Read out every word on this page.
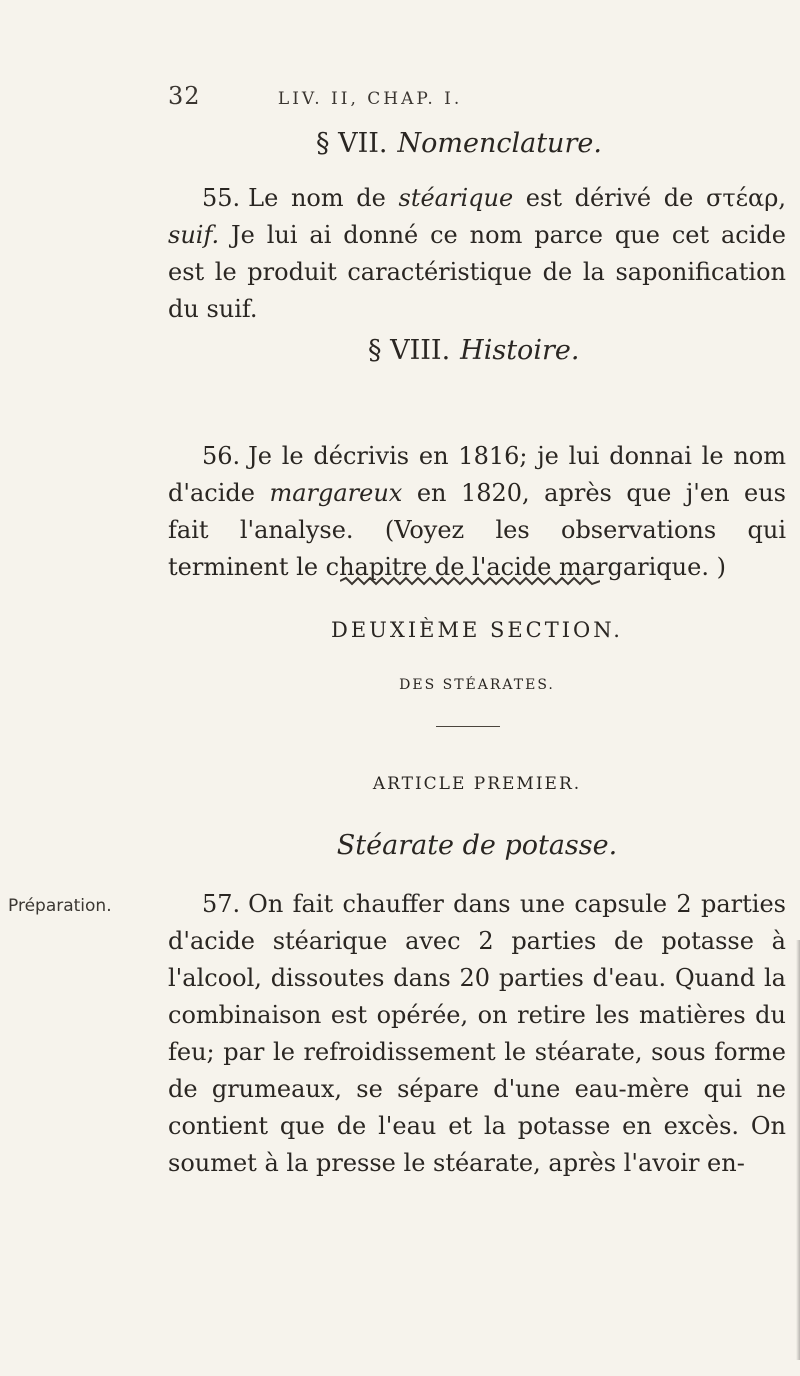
32	LIV. II, CHAP. I.
§ VII. Nomenclature.
55. Le nom de stéarique est dérivé de στέαρ, suif. Je lui ai donné ce nom parce que cet acide est le produit caractéristique de la saponification du suif.
§ VIII. Histoire.
56. Je le décrivis en 1816; je lui donnai le nom d'acide margareux en 1820, après que j'en eus fait l'analyse. (Voyez les observations qui terminent le chapitre de l'acide margarique. )
DEUXIÈME SECTION.
DES STÉARATES.
ARTICLE PREMIER.
Stéarate de potasse.
Préparation.	57. On fait chauffer dans une capsule 2 parties d'acide stéarique avec 2 parties de potasse à l'alcool, dissoutes dans 20 parties d'eau. Quand la combinaison est opérée, on retire les matières du feu; par le refroidissement le stéarate, sous forme de grumeaux, se sépare d'une eau-mère qui ne contient que de l'eau et la potasse en excès. On soumet à la presse le stéarate, après l'avoir en-
